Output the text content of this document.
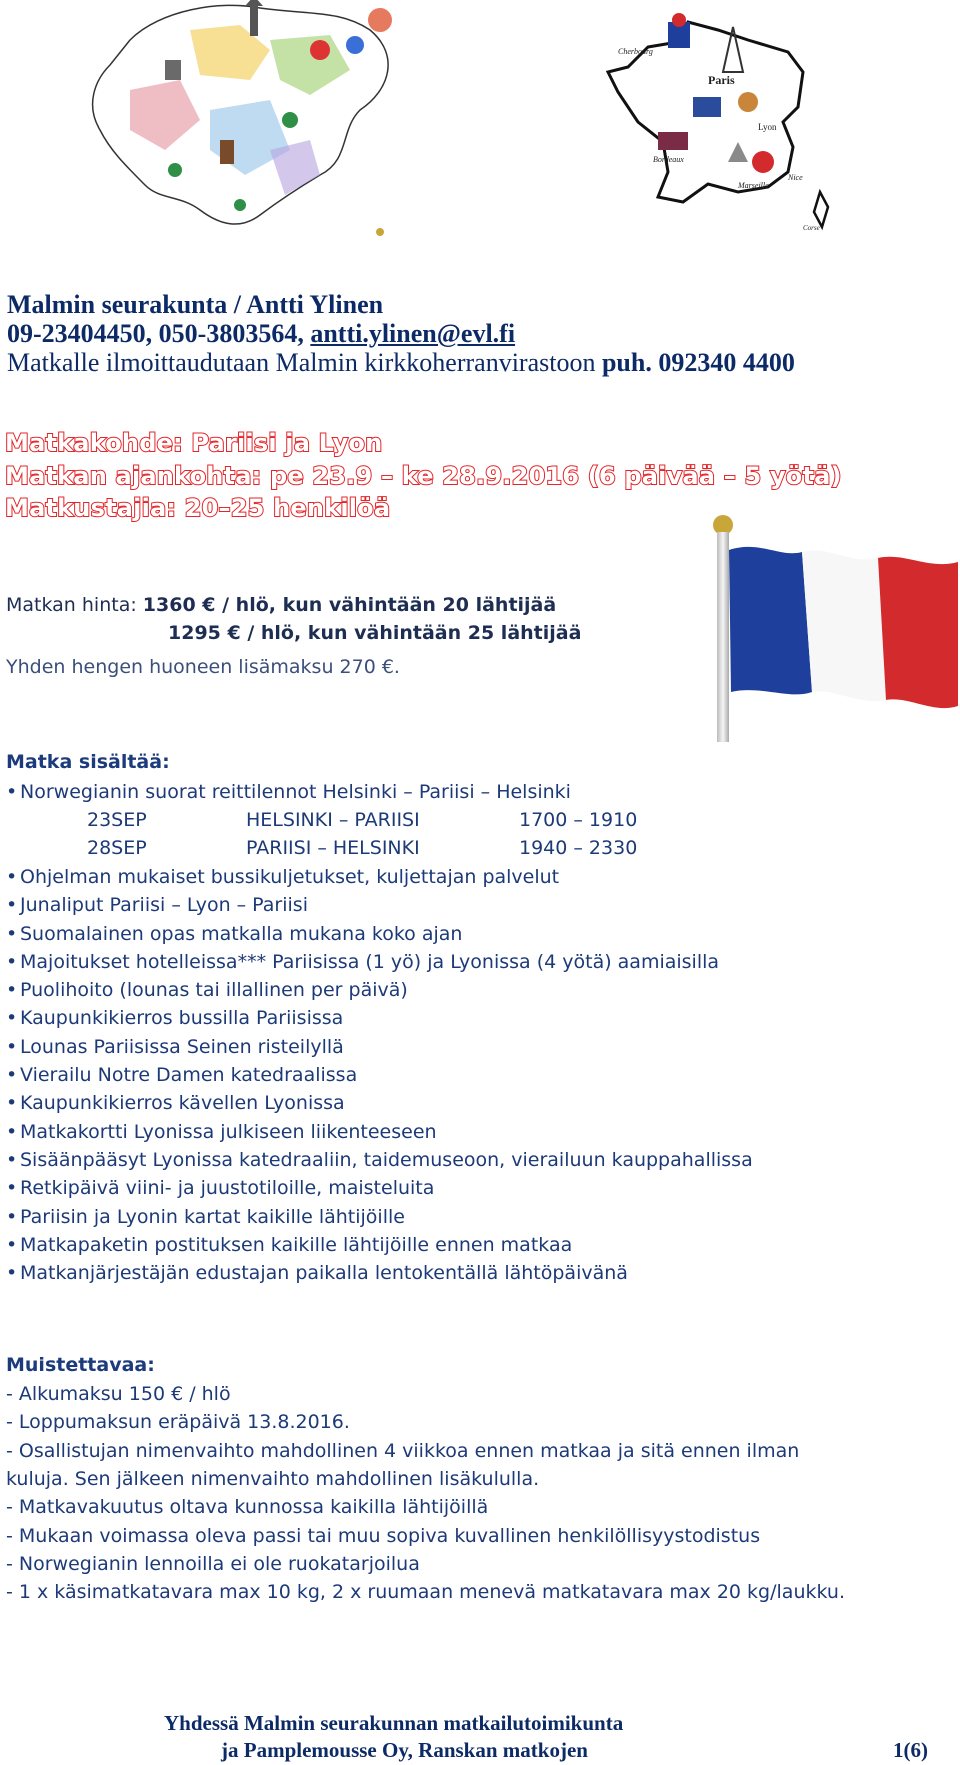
Cherbourg
Paris
Lyon
Bordeaux
Marseille
Nice
Corse
Malmin seurakunta / Antti Ylinen
09-23404450, 050-3803564, antti.ylinen@evl.fi
Matkalle ilmoittaudutaan Malmin kirkkoherranvirastoon puh. 092340 4400
Matkakohde: Pariisi ja Lyon
Matkan ajankohta: pe 23.9 – ke 28.9.2016 (6 päivää – 5 yötä)
Matkustajia: 20–25 henkilöä
Matkan hinta: 1360 € / hlö, kun vähintään 20 lähtijää
1295 € / hlö, kun vähintään 25 lähtijää
Yhden hengen huoneen lisämaksu 270 €.
Matka sisältää:
• Norwegianin suorat reittilennot Helsinki – Pariisi – Helsinki
23SEP	HELSINKI – PARIISI	1700 – 1910
28SEP	PARIISI – HELSINKI	1940 – 2330
• Ohjelman mukaiset bussikuljetukset, kuljettajan palvelut
• Junaliput Pariisi – Lyon – Pariisi
• Suomalainen opas matkalla mukana koko ajan
• Majoitukset hotelleissa*** Pariisissa (1 yö) ja Lyonissa (4 yötä) aamiaisilla
• Puolihoito (lounas tai illallinen per päivä)
• Kaupunkikierros bussilla Pariisissa
• Lounas Pariisissa Seinen risteilyllä
• Vierailu Notre Damen katedraalissa
• Kaupunkikierros kävellen Lyonissa
• Matkakortti Lyonissa julkiseen liikenteeseen
• Sisäänpääsyt Lyonissa katedraaliin, taidemuseoon, vierailuun kauppahallissa
• Retkipäivä viini- ja juustotiloille, maisteluita
• Pariisin ja Lyonin kartat kaikille lähtijöille
• Matkapaketin postituksen kaikille lähtijöille ennen matkaa
• Matkanjärjestäjän edustajan paikalla lentokentällä lähtöpäivänä
Muistettavaa:
- Alkumaksu 150 € / hlö
- Loppumaksun eräpäivä 13.8.2016.
- Osallistujan nimenvaihto mahdollinen 4 viikkoa ennen matkaa ja sitä ennen ilman
kuluja. Sen jälkeen nimenvaihto mahdollinen lisäkululla.
- Matkavakuutus oltava kunnossa kaikilla lähtijöillä
- Mukaan voimassa oleva passi tai muu sopiva kuvallinen henkilöllisyystodistus
- Norwegianin lennoilla ei ole ruokatarjoilua
- 1 x käsimatkatavara max 10 kg, 2 x ruumaan menevä matkatavara max 20 kg/laukku.
Yhdessä Malmin seurakunnan matkailutoimikunta
ja Pamplemousse Oy, Ranskan matkojen	1(6)
